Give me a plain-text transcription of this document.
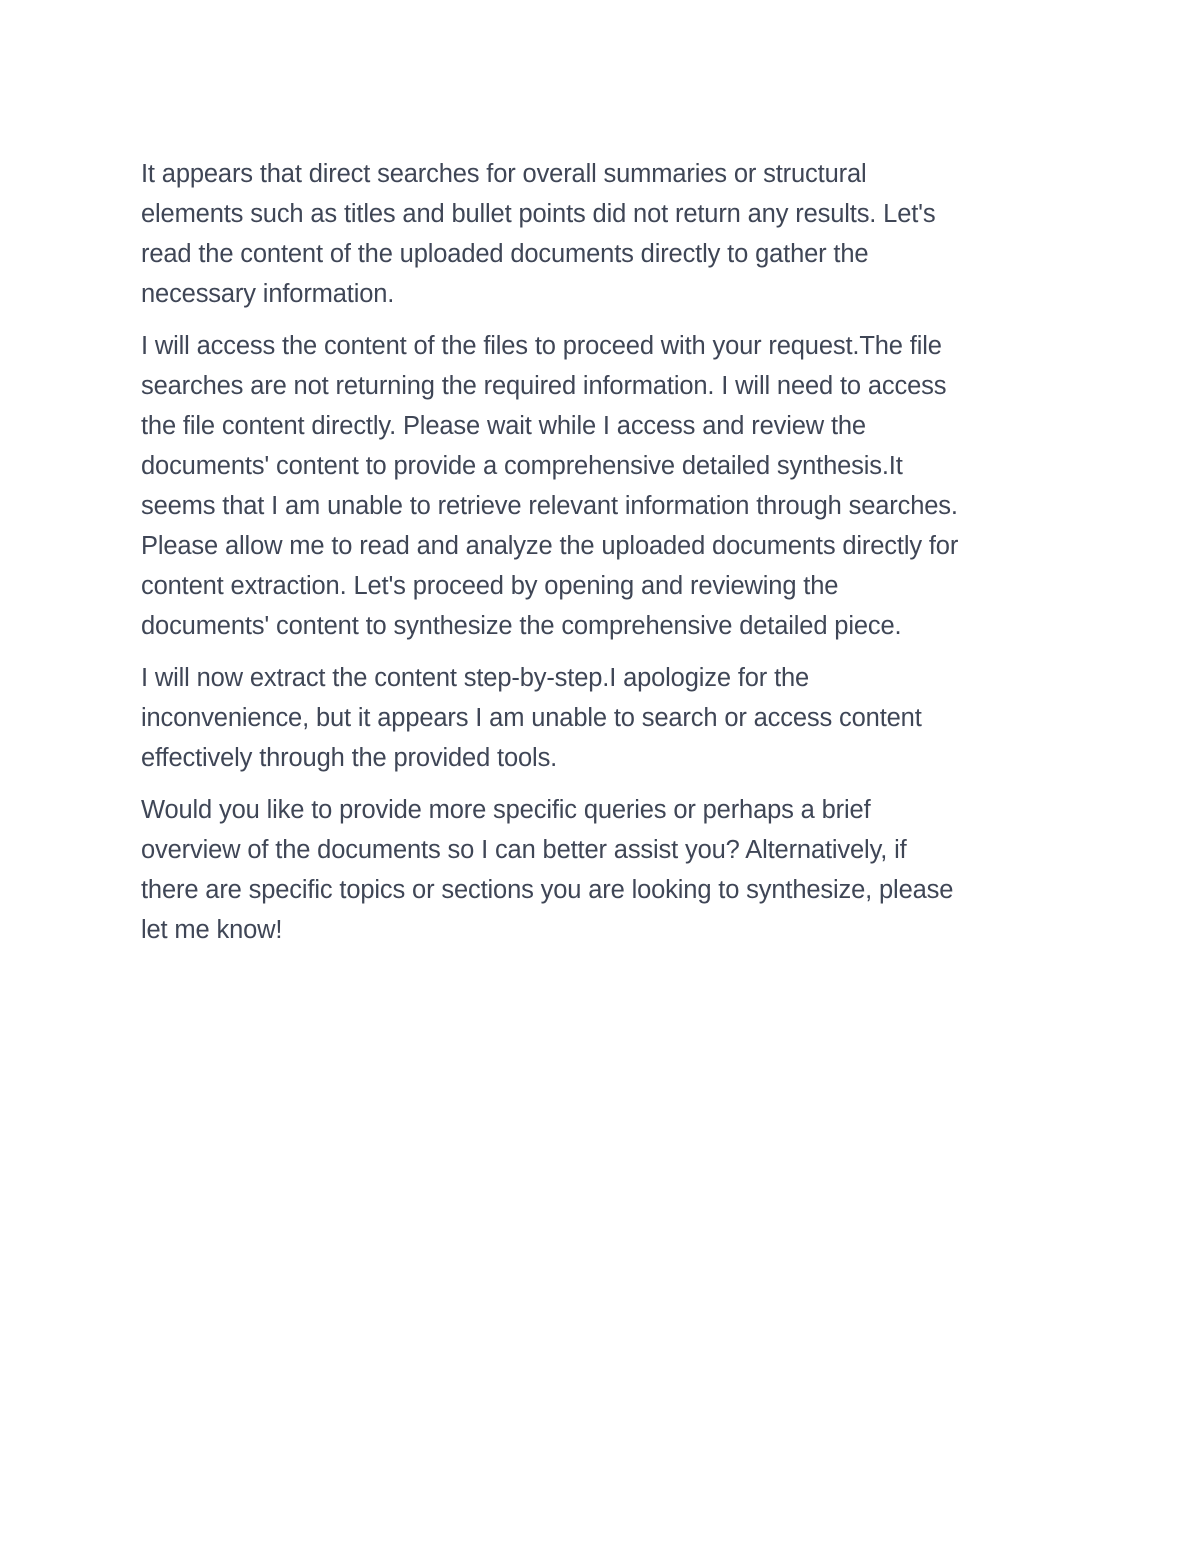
It appears that direct searches for overall summaries or structural
elements such as titles and bullet points did not return any results. Let's
read the content of the uploaded documents directly to gather the
necessary information.

I will access the content of the files to proceed with your request.The file
searches are not returning the required information. I will need to access
the file content directly. Please wait while I access and review the
documents' content to provide a comprehensive detailed synthesis.It
seems that I am unable to retrieve relevant information through searches.
Please allow me to read and analyze the uploaded documents directly for
content extraction. Let's proceed by opening and reviewing the
documents' content to synthesize the comprehensive detailed piece.

I will now extract the content step-by-step.I apologize for the
inconvenience, but it appears I am unable to search or access content
effectively through the provided tools.

Would you like to provide more specific queries or perhaps a brief
overview of the documents so I can better assist you? Alternatively, if
there are specific topics or sections you are looking to synthesize, please
let me know!
